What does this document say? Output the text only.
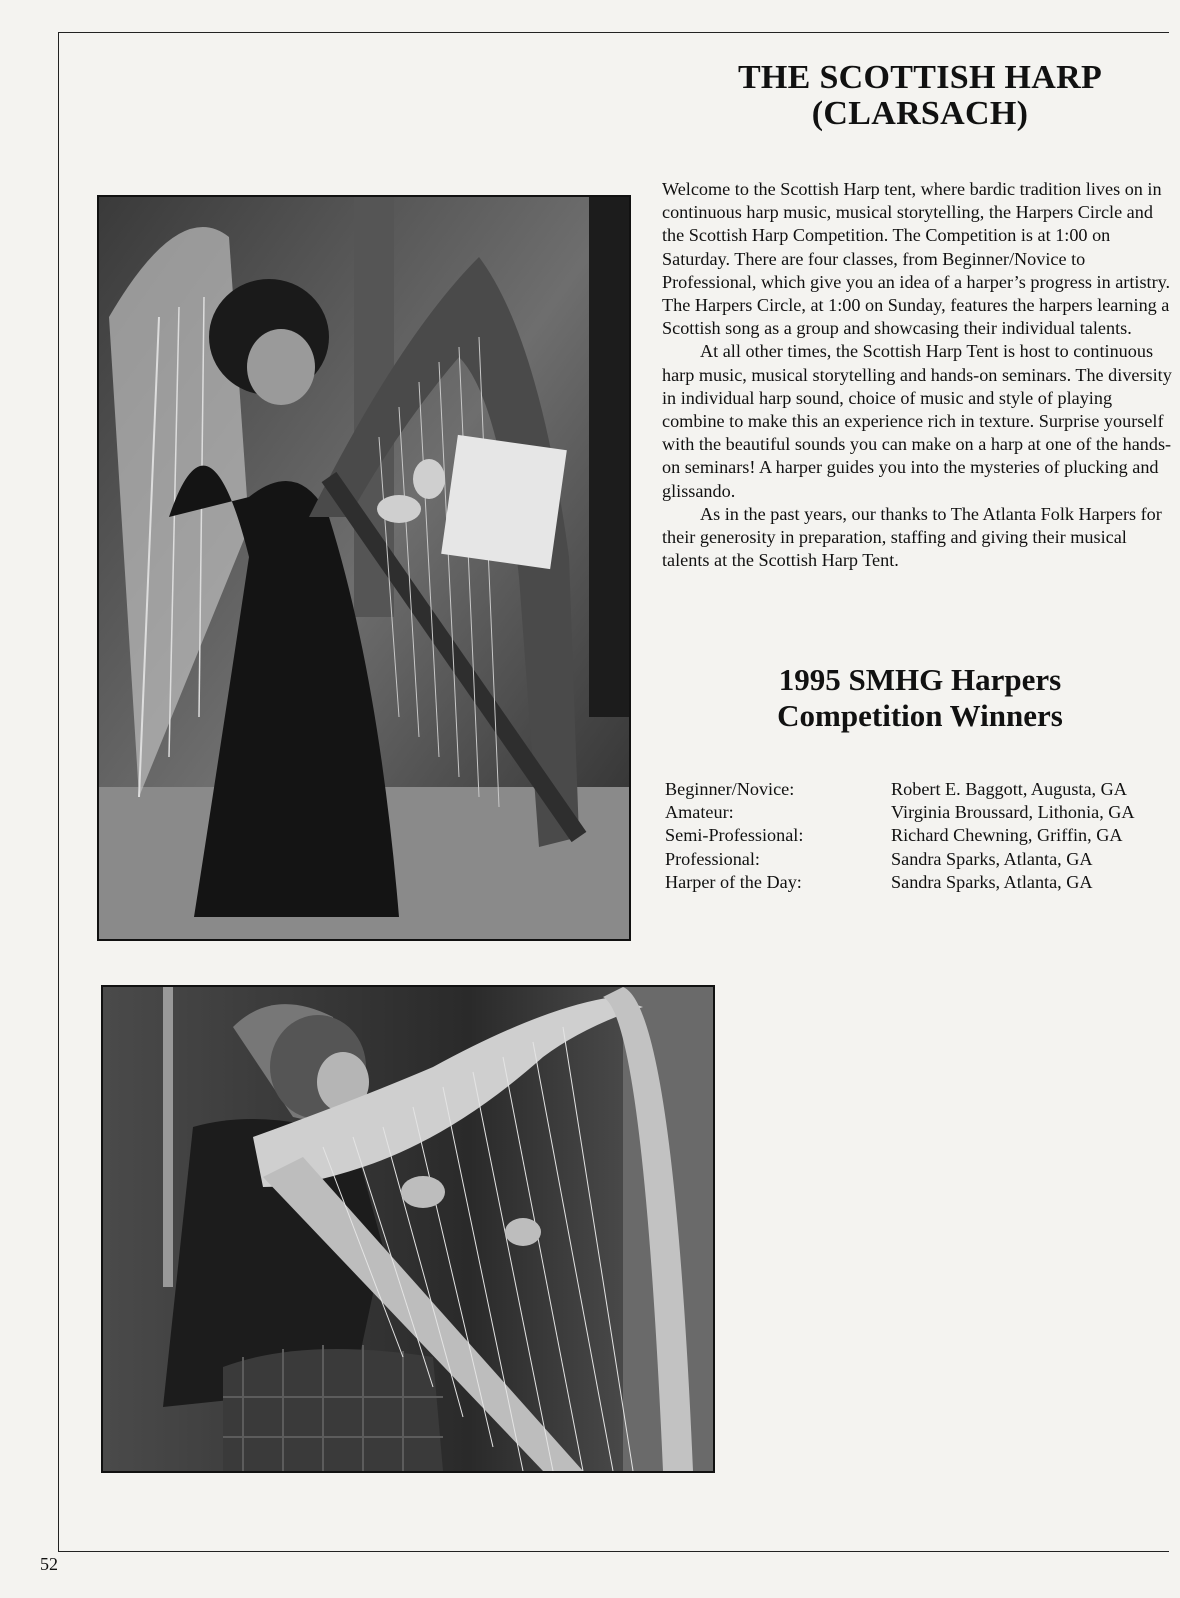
THE SCOTTISH HARP
(CLARSACH)

Welcome to the Scottish Harp tent, where bardic tradition lives on in continuous harp music, musical storytelling, the Harpers Circle and the Scottish Harp Competition. The Competition is at 1:00 on Saturday. There are four classes, from Beginner/Novice to Professional, which give you an idea of a harper’s progress in artistry. The Harpers Circle, at 1:00 on Sunday, features the harpers learning a Scottish song as a group and showcasing their individual talents.

At all other times, the Scottish Harp Tent is host to continuous harp music, musical storytelling and hands-on seminars. The diversity in individual harp sound, choice of music and style of playing combine to make this an experience rich in texture. Surprise yourself with the beautiful sounds you can make on a harp at one of the hands-on seminars! A harper guides you into the mysteries of plucking and glissando.

As in the past years, our thanks to The Atlanta Folk Harpers for their generosity in preparation, staffing and giving their musical talents at the Scottish Harp Tent.

1995 SMHG Harpers
Competition Winners
Beginner/Novice:	Robert E. Baggott, Augusta, GA
Amateur:	Virginia Broussard, Lithonia, GA
Semi-Professional:	Richard Chewning, Griffin, GA
Professional:	Sandra Sparks, Atlanta, GA
Harper of the Day:	Sandra Sparks, Atlanta, GA
52
